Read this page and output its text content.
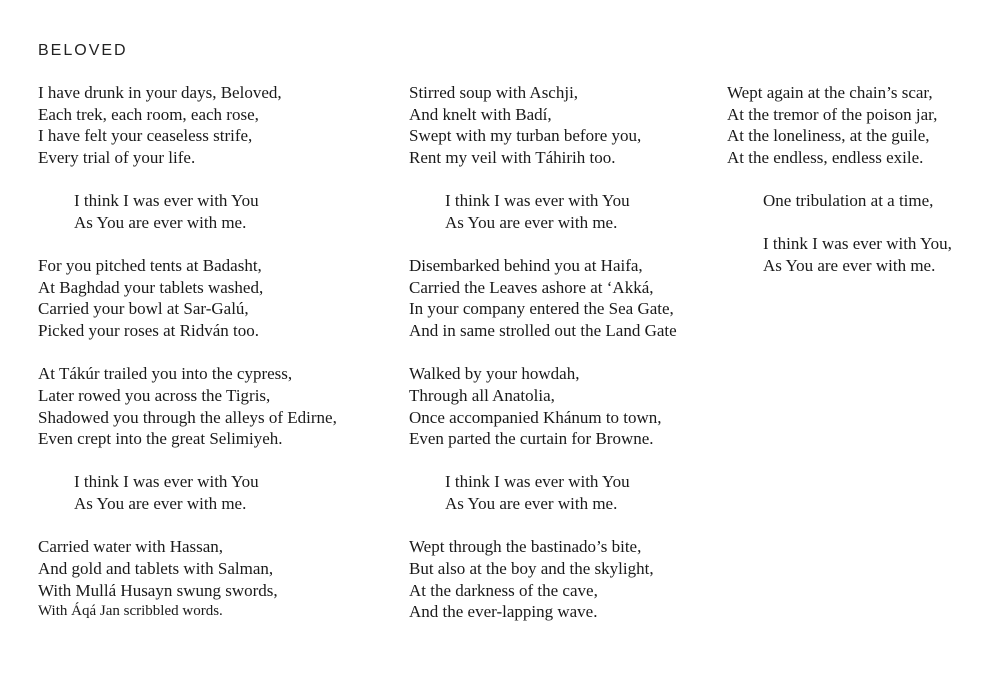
BELOVED
I have drunk in your days, Beloved,
Each trek, each room, each rose,
I have felt your ceaseless strife,
Every trial of your life.
I think I was ever with You
As You are ever with me.
For you pitched tents at Badasht,
At Baghdad your tablets washed,
Carried your bowl at Sar-Galú,
Picked your roses at Ridván too.
At Tákúr trailed you into the cypress,
Later rowed you across the Tigris,
Shadowed you through the alleys of Edirne,
Even crept into the great Selimiyeh.
I think I was ever with You
As You are ever with me.
Carried water with Hassan,
And gold and tablets with Salman,
With Mullá Husayn swung swords,
With Áqá Jan scribbled words.
Stirred soup with Aschji,
And knelt with Badí,
Swept with my turban before you,
Rent my veil with Táhirih too.
I think I was ever with You
As You are ever with me.
Disembarked behind you at Haifa,
Carried the Leaves ashore at ‘Akká,
In your company entered the Sea Gate,
And in same strolled out the Land Gate
Walked by your howdah,
Through all Anatolia,
Once accompanied Khánum to town,
Even parted the curtain for Browne.
I think I was ever with You
As You are ever with me.
Wept through the bastinado’s bite,
But also at the boy and the skylight,
At the darkness of the cave,
And the ever-lapping wave.
Wept again at the chain’s scar,
At the tremor of the poison jar,
At the loneliness, at the guile,
At the endless, endless exile.
One tribulation at a time,
I think I was ever with You,
As You are ever with me.
